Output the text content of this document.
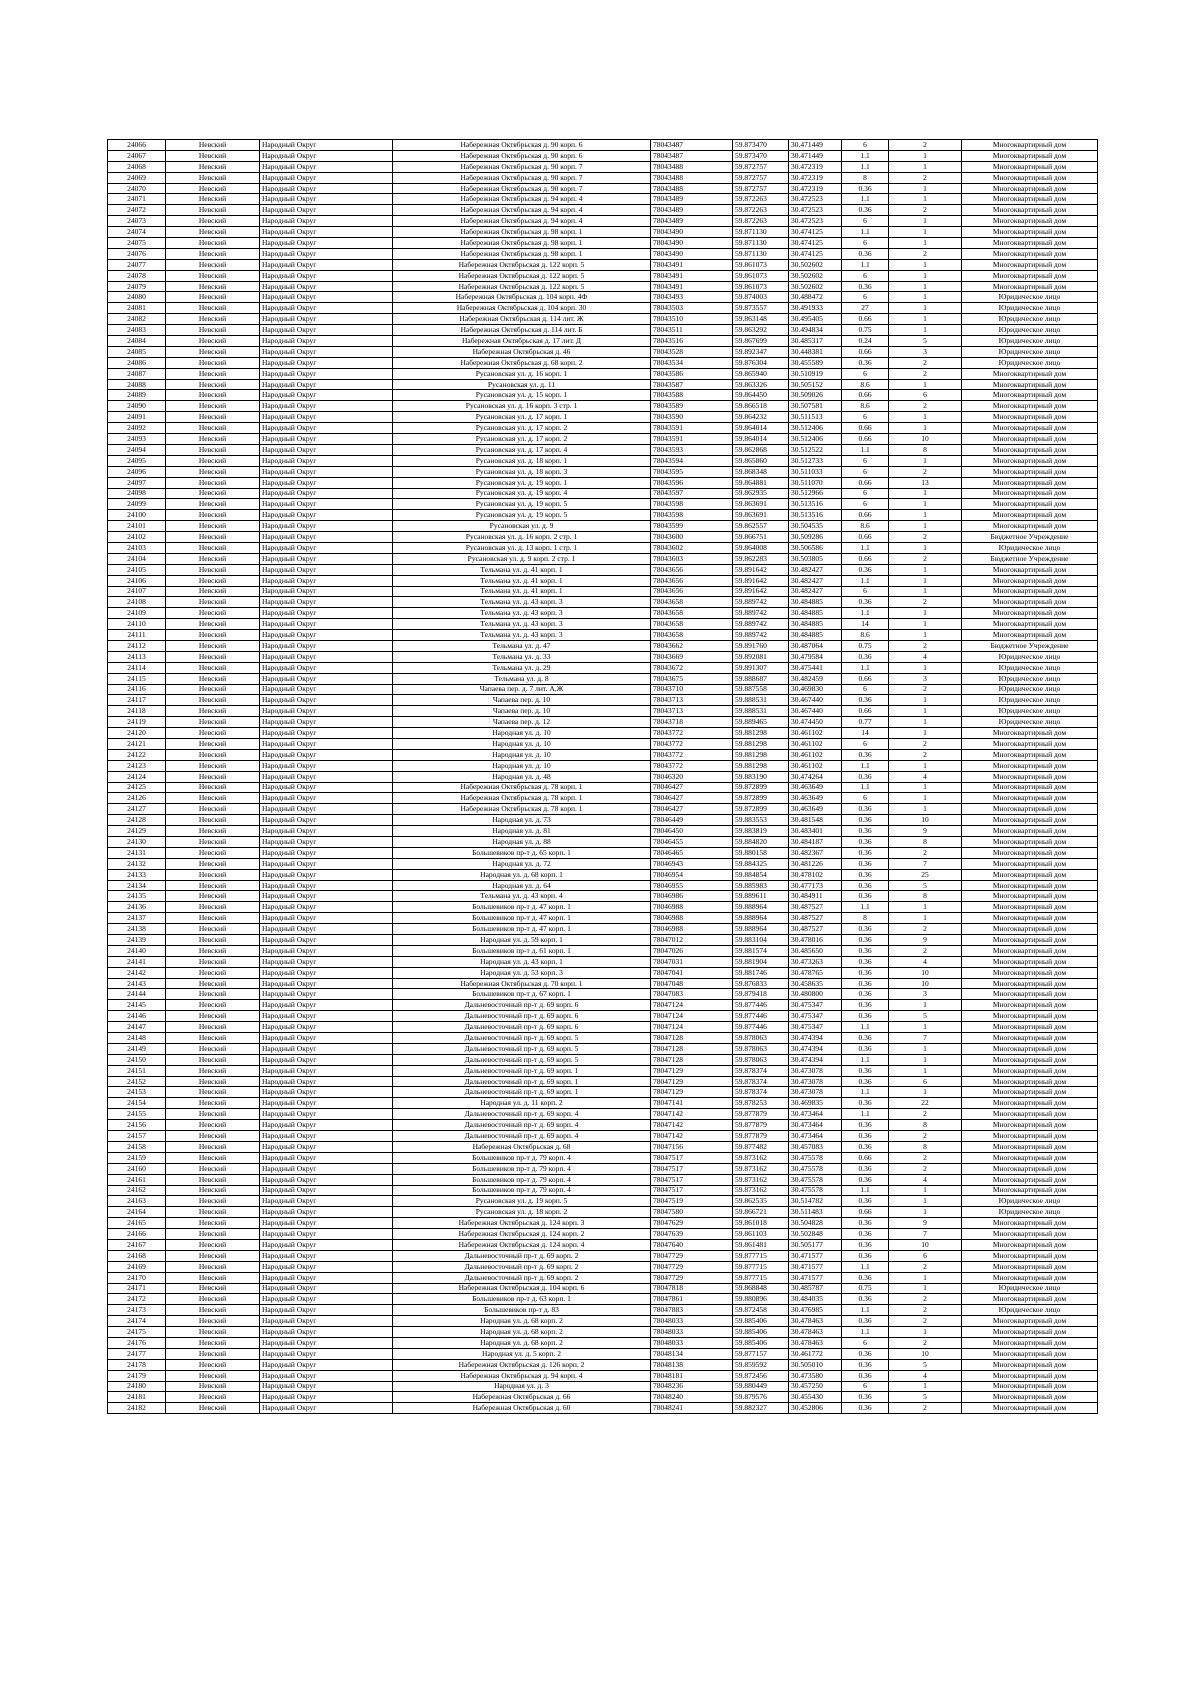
24066	Невский	Народный Округ	Набережная Октябрьская д. 90 корп. 6	78043487	59.873470	30.471449	6	2	Многоквартирный дом
24067	Невский	Народный Округ	Набережная Октябрьская д. 90 корп. 6	78043487	59.873470	30.471449	1.1	1	Многоквартирный дом
24068	Невский	Народный Округ	Набережная Октябрьская д. 90 корп. 7	78043488	59.872757	30.472319	1.1	1	Многоквартирный дом
24069	Невский	Народный Округ	Набережная Октябрьская д. 90 корп. 7	78043488	59.872757	30.472319	8	2	Многоквартирный дом
24070	Невский	Народный Округ	Набережная Октябрьская д. 90 корп. 7	78043488	59.872757	30.472319	0.36	1	Многоквартирный дом
24071	Невский	Народный Округ	Набережная Октябрьская д. 94 корп. 4	78043489	59.872263	30.472523	1.1	1	Многоквартирный дом
24072	Невский	Народный Округ	Набережная Октябрьская д. 94 корп. 4	78043489	59.872263	30.472523	0.36	2	Многоквартирный дом
24073	Невский	Народный Округ	Набережная Октябрьская д. 94 корп. 4	78043489	59.872263	30.472523	6	1	Многоквартирный дом
24074	Невский	Народный Округ	Набережная Октябрьская д. 98 корп. 1	78043490	59.871130	30.474125	1.1	1	Многоквартирный дом
24075	Невский	Народный Округ	Набережная Октябрьская д. 98 корп. 1	78043490	59.871130	30.474125	6	1	Многоквартирный дом
24076	Невский	Народный Округ	Набережная Октябрьская д. 98 корп. 1	78043490	59.871130	30.474125	0.36	2	Многоквартирный дом
24077	Невский	Народный Округ	Набережная Октябрьская д. 122 корп. 5	78043491	59.861073	30.502602	1.1	1	Многоквартирный дом
24078	Невский	Народный Округ	Набережная Октябрьская д. 122 корп. 5	78043491	59.861073	30.502602	6	1	Многоквартирный дом
24079	Невский	Народный Округ	Набережная Октябрьская д. 122 корп. 5	78043491	59.861073	30.502602	0.36	1	Многоквартирный дом
24080	Невский	Народный Округ	Набережная Октябрьская д. 104 корп. 4Ф	78043493	59.874003	30.488472	6	1	Юридическое лицо
24081	Невский	Народный Округ	Набережная Октябрьская д. 104 корп. 30	78043503	59.873557	30.491933	27	1	Юридическое лицо
24082	Невский	Народный Округ	Набережная Октябрьская д. 114 лит. Ж	78043510	59.863148	30.495405	0.66	1	Юридическое лицо
24083	Невский	Народный Округ	Набережная Октябрьская д. 114 лит. Б	78043511	59.863292	30.494834	0.75	1	Юридическое лицо
24084	Невский	Народный Округ	Набережная Октябрьская д. 17 лит. Д	78043516	59.867699	30.485317	0.24	5	Юридическое лицо
24085	Невский	Народный Округ	Набережная Октябрьская д. 46	78043528	59.892347	30.448381	0.66	3	Юридическое лицо
24086	Невский	Народный Округ	Набережная Октябрьская д. 68 корп. 2	78043534	59.876304	30.455589	0.36	2	Юридическое лицо
24087	Невский	Народный Округ	Русановская ул. д. 16 корп. 1	78043586	59.865940	30.510919	6	2	Многоквартирный дом
24088	Невский	Народный Округ	Русановская ул. д. 11	78043587	59.863326	30.505152	8.6	1	Многоквартирный дом
24089	Невский	Народный Округ	Русановская ул. д. 15 корп. 1	78043588	59.864450	30.509026	0.66	6	Многоквартирный дом
24090	Невский	Народный Округ	Русановская ул. д. 16 корп. 3 стр. 1	78043589	59.866518	30.507581	8.6	2	Многоквартирный дом
24091	Невский	Народный Округ	Русановская ул. д. 17 корп. 1	78043590	59.864232	30.511513	6	1	Многоквартирный дом
24092	Невский	Народный Округ	Русановская ул. д. 17 корп. 2	78043591	59.864014	30.512406	0.66	1	Многоквартирный дом
24093	Невский	Народный Округ	Русановская ул. д. 17 корп. 2	78043591	59.864014	30.512406	0.66	10	Многоквартирный дом
24094	Невский	Народный Округ	Русановская ул. д. 17 корп. 4	78043593	59.862868	30.512522	1.1	8	Многоквартирный дом
24095	Невский	Народный Округ	Русановская ул. д. 18 корп. 1	78043594	59.865860	30.512733	6	1	Многоквартирный дом
24096	Невский	Народный Округ	Русановская ул. д. 18 корп. 3	78043595	59.868348	30.511033	6	2	Многоквартирный дом
24097	Невский	Народный Округ	Русановская ул. д. 19 корп. 1	78043596	59.864881	30.511070	0.66	13	Многоквартирный дом
24098	Невский	Народный Округ	Русановская ул. д. 19 корп. 4	78043597	59.862935	30.512966	6	1	Многоквартирный дом
24099	Невский	Народный Округ	Русановская ул. д. 19 корп. 5	78043598	59.863691	30.513516	6	1	Многоквартирный дом
24100	Невский	Народный Округ	Русановская ул. д. 19 корп. 5	78043598	59.863691	30.513516	0.66	1	Многоквартирный дом
24101	Невский	Народный Округ	Русановская ул. д. 9	78043599	59.862557	30.504535	8.6	1	Многоквартирный дом
24102	Невский	Народный Округ	Русановская ул. д. 16 корп. 2 стр. 1	78043600	59.866751	30.509286	0.66	2	Бюджетное Учреждение
24103	Невский	Народный Округ	Русановская ул. д. 13 корп. 1 стр. 1	78043602	59.864008	30.506586	1.1	1	Юридическое лицо
24104	Невский	Народный Округ	Русановская ул. д. 9 корп. 2 стр. 1	78043603	59.862283	30.503805	0.66	2	Бюджетное Учреждение
24105	Невский	Народный Округ	Тельмана ул. д. 41 корп. 1	78043656	59.891642	30.482427	0.36	1	Многоквартирный дом
24106	Невский	Народный Округ	Тельмана ул. д. 41 корп. 1	78043656	59.891642	30.482427	1.1	1	Многоквартирный дом
24107	Невский	Народный Округ	Тельмана ул. д. 41 корп. 1	78043656	59.891642	30.482427	6	1	Многоквартирный дом
24108	Невский	Народный Округ	Тельмана ул. д. 43 корп. 3	78043658	59.889742	30.484885	0.36	2	Многоквартирный дом
24109	Невский	Народный Округ	Тельмана ул. д. 43 корп. 3	78043658	59.889742	30.484885	1.1	1	Многоквартирный дом
24110	Невский	Народный Округ	Тельмана ул. д. 43 корп. 3	78043658	59.889742	30.484885	14	1	Многоквартирный дом
24111	Невский	Народный Округ	Тельмана ул. д. 43 корп. 3	78043658	59.889742	30.484885	8.6	1	Многоквартирный дом
24112	Невский	Народный Округ	Тельмана ул. д. 47	78043662	59.891760	30.487064	0.75	2	Бюджетное Учреждение
24113	Невский	Народный Округ	Тельмана ул. д. 33	78043669	59.892081	30.479584	0.36	4	Юридическое лицо
24114	Невский	Народный Округ	Тельмана ул. д. 29	78043672	59.891307	30.475441	1.1	1	Юридическое лицо
24115	Невский	Народный Округ	Тельмана ул. д. 8	78043675	59.888687	30.482459	0.66	3	Юридическое лицо
24116	Невский	Народный Округ	Чапаева пер. д. 7 лит. А,Ж	78043710	59.887558	30.469830	6	2	Юридическое лицо
24117	Невский	Народный Округ	Чапаева пер. д. 10	78043713	59.888531	30.467440	0.36	1	Юридическое лицо
24118	Невский	Народный Округ	Чапаева пер. д. 10	78043713	59.888531	30.467440	0.66	1	Юридическое лицо
24119	Невский	Народный Округ	Чапаева пер. д. 12	78043718	59.889465	30.474450	0.77	1	Юридическое лицо
24120	Невский	Народный Округ	Народная ул. д. 10	78043772	59.881298	30.461102	14	1	Многоквартирный дом
24121	Невский	Народный Округ	Народная ул. д. 10	78043772	59.881298	30.461102	6	2	Многоквартирный дом
24122	Невский	Народный Округ	Народная ул. д. 10	78043772	59.881298	30.461102	0.36	2	Многоквартирный дом
24123	Невский	Народный Округ	Народная ул. д. 10	78043772	59.881298	30.461102	1.1	1	Многоквартирный дом
24124	Невский	Народный Округ	Народная ул. д. 48	78046320	59.883190	30.474264	0.36	4	Многоквартирный дом
24125	Невский	Народный Округ	Набережная Октябрьская д. 78 корп. 1	78046427	59.872899	30.463649	1.1	1	Многоквартирный дом
24126	Невский	Народный Округ	Набережная Октябрьская д. 78 корп. 1	78046427	59.872899	30.463649	6	1	Многоквартирный дом
24127	Невский	Народный Округ	Набережная Октябрьская д. 78 корп. 1	78046427	59.872899	30.463649	0.36	1	Многоквартирный дом
24128	Невский	Народный Округ	Народная ул. д. 73	78046449	59.883553	30.481548	0.36	10	Многоквартирный дом
24129	Невский	Народный Округ	Народная ул. д. 81	78046450	59.883819	30.483401	0.36	9	Многоквартирный дом
24130	Невский	Народный Округ	Народная ул. д. 88	78046455	59.884820	30.484187	0.36	8	Многоквартирный дом
24131	Невский	Народный Округ	Большевиков пр-т д. 65 корп. 1	78046465	59.880158	30.482367	0.36	2	Многоквартирный дом
24132	Невский	Народный Округ	Народная ул. д. 72	78046943	59.884325	30.481226	0.36	7	Многоквартирный дом
24133	Невский	Народный Округ	Народная ул. д. 68 корп. 1	78046954	59.884854	30.478102	0.36	25	Многоквартирный дом
24134	Невский	Народный Округ	Народная ул. д. 64	78046955	59.885983	30.477173	0.36	5	Многоквартирный дом
24135	Невский	Народный Округ	Тельмана ул. д. 43 корп. 4	78046986	59.889611	30.484911	0.36	8	Многоквартирный дом
24136	Невский	Народный Округ	Большевиков пр-т д. 47 корп. 1	78046988	59.888964	30.487527	1.1	1	Многоквартирный дом
24137	Невский	Народный Округ	Большевиков пр-т д. 47 корп. 1	78046988	59.888964	30.487527	8	1	Многоквартирный дом
24138	Невский	Народный Округ	Большевиков пр-т д. 47 корп. 1	78046988	59.888964	30.487527	0.36	2	Многоквартирный дом
24139	Невский	Народный Округ	Народная ул. д. 59 корп. 1	78047012	59.883104	30.478016	0.36	9	Многоквартирный дом
24140	Невский	Народный Округ	Большевиков пр-т д. 61 корп. 1	78047026	59.881574	30.485650	0.36	2	Многоквартирный дом
24141	Невский	Народный Округ	Народная ул. д. 43 корп. 1	78047031	59.881904	30.473263	0.36	4	Многоквартирный дом
24142	Невский	Народный Округ	Народная ул. д. 53 корп. 3	78047041	59.881746	30.478765	0.36	10	Многоквартирный дом
24143	Невский	Народный Округ	Набережная Октябрьская д. 70 корп. 1	78047048	59.876833	30.458635	0.36	10	Многоквартирный дом
24144	Невский	Народный Округ	Большевиков пр-т д. 67 корп. 1	78047083	59.879418	30.480800	0.36	3	Многоквартирный дом
24145	Невский	Народный Округ	Дальневосточный пр-т д. 69 корп. 6	78047124	59.877446	30.475347	0.36	1	Многоквартирный дом
24146	Невский	Народный Округ	Дальневосточный пр-т д. 69 корп. 6	78047124	59.877446	30.475347	0.36	5	Многоквартирный дом
24147	Невский	Народный Округ	Дальневосточный пр-т д. 69 корп. 6	78047124	59.877446	30.475347	1.1	1	Многоквартирный дом
24148	Невский	Народный Округ	Дальневосточный пр-т д. 69 корп. 5	78047128	59.878063	30.474394	0.36	7	Многоквартирный дом
24149	Невский	Народный Округ	Дальневосточный пр-т д. 69 корп. 5	78047128	59.878063	30.474394	0.36	1	Многоквартирный дом
24150	Невский	Народный Округ	Дальневосточный пр-т д. 69 корп. 5	78047128	59.878063	30.474394	1.1	1	Многоквартирный дом
24151	Невский	Народный Округ	Дальневосточный пр-т д. 69 корп. 1	78047129	59.878374	30.473078	0.36	1	Многоквартирный дом
24152	Невский	Народный Округ	Дальневосточный пр-т д. 69 корп. 1	78047129	59.878374	30.473078	0.36	6	Многоквартирный дом
24153	Невский	Народный Округ	Дальневосточный пр-т д. 69 корп. 1	78047129	59.878374	30.473078	1.1	1	Многоквартирный дом
24154	Невский	Народный Округ	Народная ул. д. 11 корп. 2	78047141	59.878253	30.469835	0.36	22	Многоквартирный дом
24155	Невский	Народный Округ	Дальневосточный пр-т д. 69 корп. 4	78047142	59.877879	30.473464	1.1	2	Многоквартирный дом
24156	Невский	Народный Округ	Дальневосточный пр-т д. 69 корп. 4	78047142	59.877879	30.473464	0.36	8	Многоквартирный дом
24157	Невский	Народный Округ	Дальневосточный пр-т д. 69 корп. 4	78047142	59.877879	30.473464	0.36	2	Многоквартирный дом
24158	Невский	Народный Округ	Набережная Октябрьская д. 68	78047156	59.877482	30.457083	0.36	8	Многоквартирный дом
24159	Невский	Народный Округ	Большевиков пр-т д. 79 корп. 4	78047517	59.873162	30.475578	0.66	2	Многоквартирный дом
24160	Невский	Народный Округ	Большевиков пр-т д. 79 корп. 4	78047517	59.873162	30.475578	0.36	2	Многоквартирный дом
24161	Невский	Народный Округ	Большевиков пр-т д. 79 корп. 4	78047517	59.873162	30.475578	0.36	4	Многоквартирный дом
24162	Невский	Народный Округ	Большевиков пр-т д. 79 корп. 4	78047517	59.873162	30.475578	1.1	1	Многоквартирный дом
24163	Невский	Народный Округ	Русановская ул. д. 19 корп. 5	78047519	59.862535	30.514782	0.36	1	Юридическое лицо
24164	Невский	Народный Округ	Русановская ул. д. 18 корп. 2	78047580	59.866721	30.511483	0.66	1	Юридическое лицо
24165	Невский	Народный Округ	Набережная Октябрьская д. 124 корп. 3	78047629	59.861018	30.504828	0.36	9	Многоквартирный дом
24166	Невский	Народный Округ	Набережная Октябрьская д. 124 корп. 2	78047639	59.861103	30.502848	0.36	7	Многоквартирный дом
24167	Невский	Народный Округ	Набережная Октябрьская д. 124 корп. 4	78047640	59.861481	30.505177	0.36	10	Многоквартирный дом
24168	Невский	Народный Округ	Дальневосточный пр-т д. 69 корп. 2	78047729	59.877715	30.471577	0.36	6	Многоквартирный дом
24169	Невский	Народный Округ	Дальневосточный пр-т д. 69 корп. 2	78047729	59.877715	30.471577	1.1	2	Многоквартирный дом
24170	Невский	Народный Округ	Дальневосточный пр-т д. 69 корп. 2	78047729	59.877715	30.471577	0.36	1	Многоквартирный дом
24171	Невский	Народный Округ	Набережная Октябрьская д. 104 корп. 6	78047818	59.868848	30.485787	0.75	1	Юридическое лицо
24172	Невский	Народный Округ	Большевиков пр-т д. 63 корп. 1	78047861	59.880896	30.484035	0.36	2	Многоквартирный дом
24173	Невский	Народный Округ	Большевиков пр-т д. 83	78047883	59.872458	30.476985	1.1	2	Юридическое лицо
24174	Невский	Народный Округ	Народная ул. д. 68 корп. 2	78048033	59.885406	30.478463	0.36	2	Многоквартирный дом
24175	Невский	Народный Округ	Народная ул. д. 68 корп. 2	78048033	59.885406	30.478463	1.1	1	Многоквартирный дом
24176	Невский	Народный Округ	Народная ул. д. 68 корп. 2	78048033	59.885406	30.478463	6	2	Многоквартирный дом
24177	Невский	Народный Округ	Народная ул. д. 5 корп. 2	78048134	59.877157	30.461772	0.36	10	Многоквартирный дом
24178	Невский	Народный Округ	Набережная Октябрьская д. 126 корп. 2	78048138	59.859592	30.505010	0.36	5	Многоквартирный дом
24179	Невский	Народный Округ	Набережная Октябрьская д. 94 корп. 4	78048181	59.872456	30.473580	0.36	4	Многоквартирный дом
24180	Невский	Народный Округ	Народная ул. д. 3	78048236	59.880449	30.457250	6	1	Многоквартирный дом
24181	Невский	Народный Округ	Набережная Октябрьская д. 66	78048240	59.879576	30.455430	0.36	5	Многоквартирный дом
24182	Невский	Народный Округ	Набережная Октябрьская д. 60	78048241	59.882327	30.452806	0.36	2	Многоквартирный дом
